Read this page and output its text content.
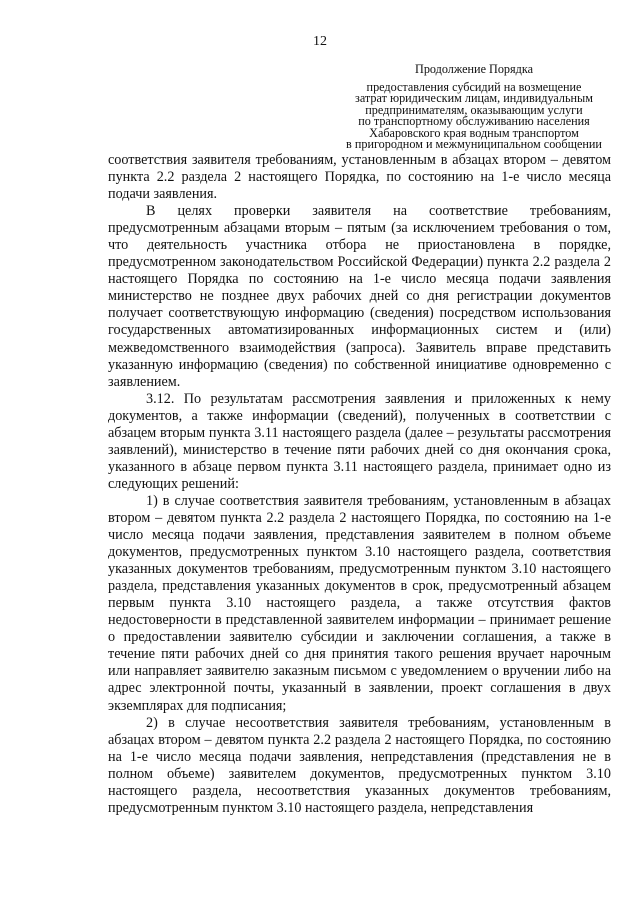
12
Продолжение Порядка
предоставления субсидий на возмещение
затрат юридическим лицам, индивидуальным
предпринимателям, оказывающим услуги
по транспортному обслуживанию населения
Хабаровского края водным транспортом
в пригородном и межмуниципальном сообщении

соответствия заявителя требованиям, установленным в абзацах втором – девятом пункта 2.2 раздела 2 настоящего Порядка, по состоянию на 1-е число месяца подачи заявления.

В целях проверки заявителя на соответствие требованиям, предусмотренным абзацами вторым – пятым (за исключением требования о том, что деятельность участника отбора не приостановлена в порядке, предусмотренном законодательством Российской Федерации) пункта 2.2 раздела 2 настоящего Порядка по состоянию на 1-е число месяца подачи заявления министерство не позднее двух рабочих дней со дня регистрации документов получает соответствующую информацию (сведения) посредством использования государственных автоматизированных информационных систем и (или) межведомственного взаимодействия (запроса). Заявитель вправе представить указанную информацию (сведения) по собственной инициативе одновременно с заявлением.

3.12. По результатам рассмотрения заявления и приложенных к нему документов, а также информации (сведений), полученных в соответствии с абзацем вторым пункта 3.11 настоящего раздела (далее – результаты рассмотрения заявлений), министерство в течение пяти рабочих дней со дня окончания срока, указанного в абзаце первом пункта 3.11 настоящего раздела, принимает одно из следующих решений:

1) в случае соответствия заявителя требованиям, установленным в абзацах втором – девятом пункта 2.2 раздела 2 настоящего Порядка, по состоянию на 1-е число месяца подачи заявления, представления заявителем в полном объеме документов, предусмотренных пунктом 3.10 настоящего раздела, соответствия указанных документов требованиям, предусмотренным пунктом 3.10 настоящего раздела, представления указанных документов в срок, предусмотренный абзацем первым пункта 3.10 настоящего раздела, а также отсутствия фактов недостоверности в представленной заявителем информации – принимает решение о предоставлении заявителю субсидии и заключении соглашения, а также в течение пяти рабочих дней со дня принятия такого решения вручает нарочным или направляет заявителю заказным письмом с уведомлением о вручении либо на адрес электронной почты, указанный в заявлении, проект соглашения в двух экземплярах для подписания;

2) в случае несоответствия заявителя требованиям, установленным в абзацах втором – девятом пункта 2.2 раздела 2 настоящего Порядка, по состоянию на 1-е число месяца подачи заявления, непредставления (представления не в полном объеме) заявителем документов, предусмотренных пунктом 3.10 настоящего раздела, несоответствия указанных документов требованиям, предусмотренным пунктом 3.10 настоящего раздела, непредставления
